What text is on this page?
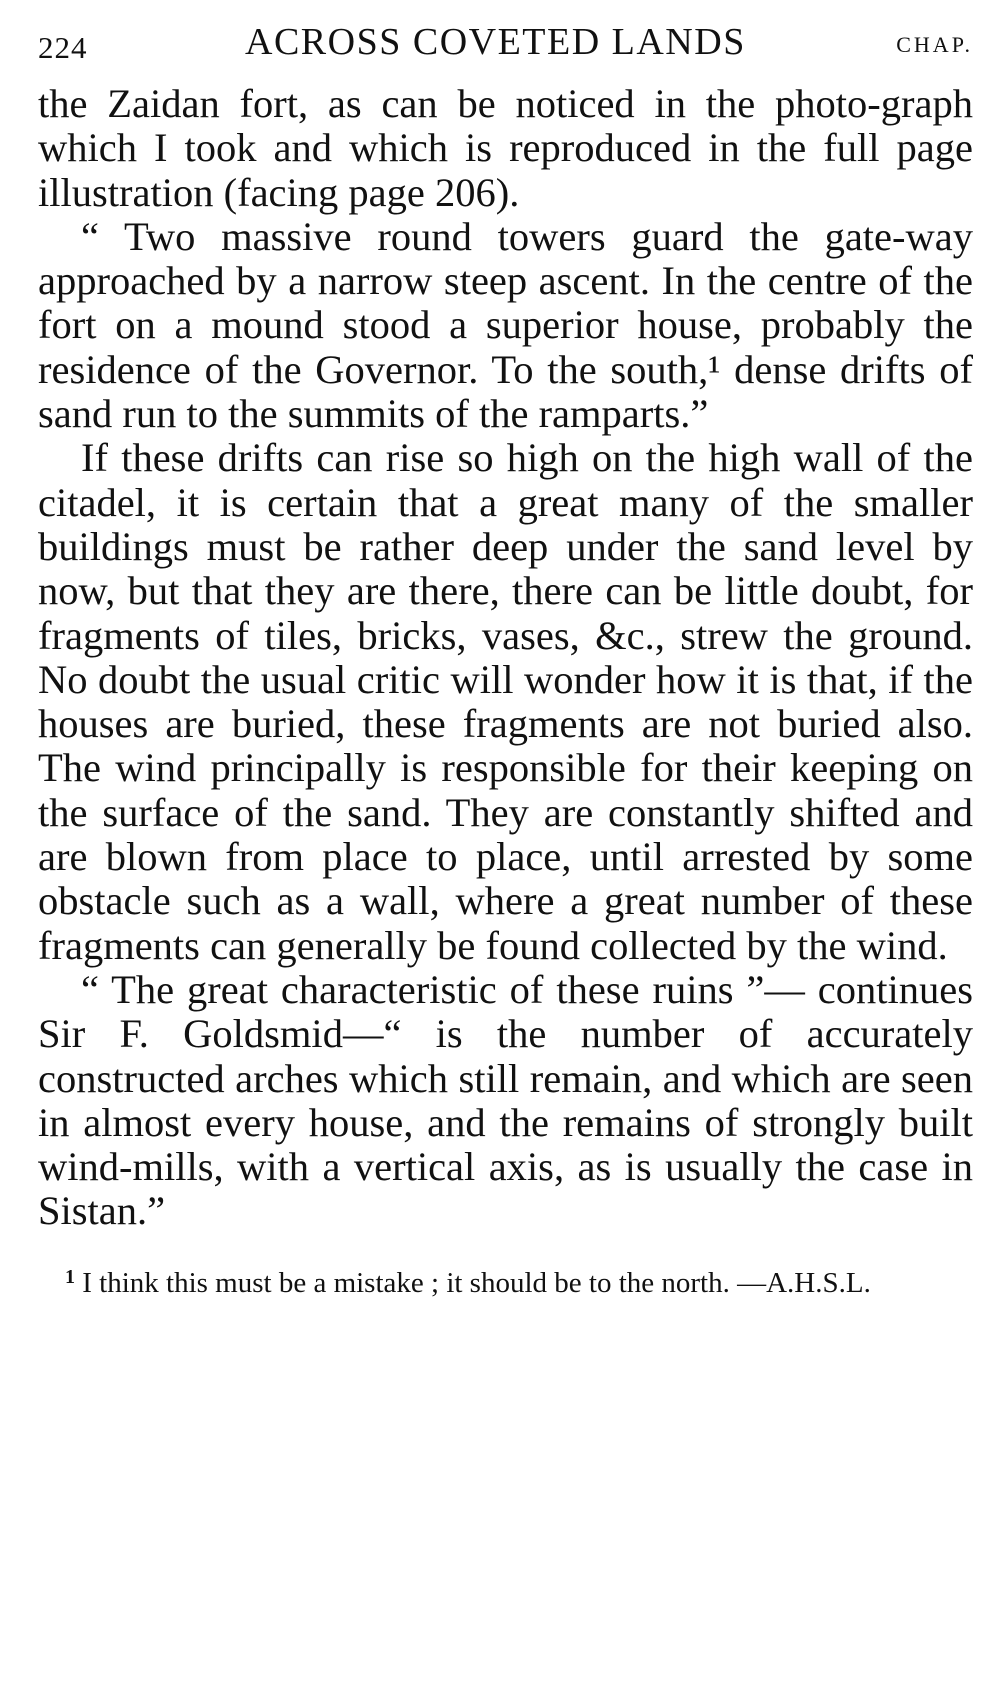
224	ACROSS COVETED LANDS	CHAP.

the Zaidan fort, as can be noticed in the photo-graph which I took and which is reproduced in the full page illustration (facing page 206).

“ Two massive round towers guard the gate-way approached by a narrow steep ascent. In the centre of the fort on a mound stood a superior house, probably the residence of the Governor. To the south,¹ dense drifts of sand run to the summits of the ramparts.”

If these drifts can rise so high on the high wall of the citadel, it is certain that a great many of the smaller buildings must be rather deep under the sand level by now, but that they are there, there can be little doubt, for fragments of tiles, bricks, vases, &c., strew the ground. No doubt the usual critic will wonder how it is that, if the houses are buried, these fragments are not buried also. The wind principally is responsible for their keeping on the surface of the sand. They are constantly shifted and are blown from place to place, until arrested by some obstacle such as a wall, where a great number of these fragments can generally be found collected by the wind.

“ The great characteristic of these ruins ”— continues Sir F. Goldsmid—“ is the number of accurately constructed arches which still remain, and which are seen in almost every house, and the remains of strongly built wind-mills, with a vertical axis, as is usually the case in Sistan.”

$^1$ I think this must be a mistake ; it should be to the north. —A.H.S.L.
